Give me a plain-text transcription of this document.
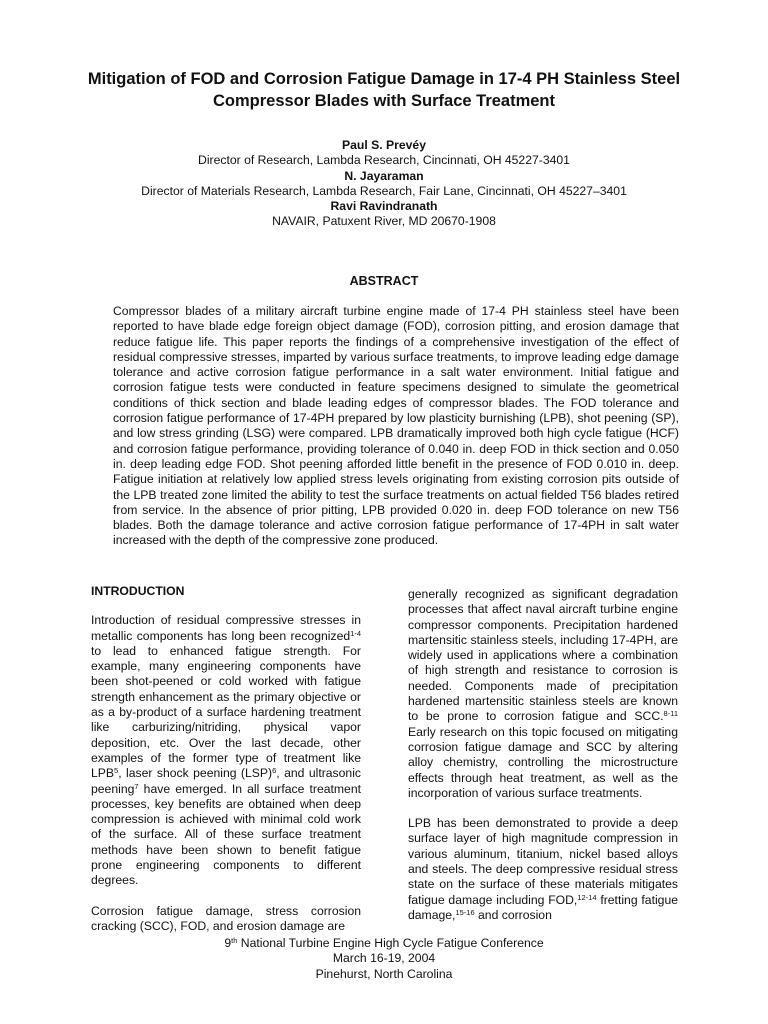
Mitigation of FOD and Corrosion Fatigue Damage in 17-4 PH Stainless Steel Compressor Blades with Surface Treatment
Paul S. Prevéy
Director of Research, Lambda Research, Cincinnati, OH 45227-3401
N. Jayaraman
Director of Materials Research, Lambda Research, Fair Lane, Cincinnati, OH 45227–3401
Ravi Ravindranath
NAVAIR, Patuxent River, MD 20670-1908
ABSTRACT

Compressor blades of a military aircraft turbine engine made of 17-4 PH stainless steel have been reported to have blade edge foreign object damage (FOD), corrosion pitting, and erosion damage that reduce fatigue life. This paper reports the findings of a comprehensive investigation of the effect of residual compressive stresses, imparted by various surface treatments, to improve leading edge damage tolerance and active corrosion fatigue performance in a salt water environment. Initial fatigue and corrosion fatigue tests were conducted in feature specimens designed to simulate the geometrical conditions of thick section and blade leading edges of compressor blades. The FOD tolerance and corrosion fatigue performance of 17-4PH prepared by low plasticity burnishing (LPB), shot peening (SP), and low stress grinding (LSG) were compared. LPB dramatically improved both high cycle fatigue (HCF) and corrosion fatigue performance, providing tolerance of 0.040 in. deep FOD in thick section and 0.050 in. deep leading edge FOD. Shot peening afforded little benefit in the presence of FOD 0.010 in. deep. Fatigue initiation at relatively low applied stress levels originating from existing corrosion pits outside of the LPB treated zone limited the ability to test the surface treatments on actual fielded T56 blades retired from service. In the absence of prior pitting, LPB provided 0.020 in. deep FOD tolerance on new T56 blades. Both the damage tolerance and active corrosion fatigue performance of 17-4PH in salt water increased with the depth of the compressive zone produced.

INTRODUCTION

Introduction of residual compressive stresses in metallic components has long been recognized$^{1-4}$ to lead to enhanced fatigue strength. For example, many engineering components have been shot-peened or cold worked with fatigue strength enhancement as the primary objective or as a by-product of a surface hardening treatment like carburizing/nitriding, physical vapor deposition, etc. Over the last decade, other examples of the former type of treatment like LPB$^5$, laser shock peening (LSP)$^6$, and ultrasonic peening$^7$ have emerged. In all surface treatment processes, key benefits are obtained when deep compression is achieved with minimal cold work of the surface. All of these surface treatment methods have been shown to benefit fatigue prone engineering components to different degrees.

Corrosion fatigue damage, stress corrosion cracking (SCC), FOD, and erosion damage are

generally recognized as significant degradation processes that affect naval aircraft turbine engine compressor components. Precipitation hardened martensitic stainless steels, including 17-4PH, are widely used in applications where a combination of high strength and resistance to corrosion is needed. Components made of precipitation hardened martensitic stainless steels are known to be prone to corrosion fatigue and SCC.$^{8-11}$ Early research on this topic focused on mitigating corrosion fatigue damage and SCC by altering alloy chemistry, controlling the microstructure effects through heat treatment, as well as the incorporation of various surface treatments.

LPB has been demonstrated to provide a deep surface layer of high magnitude compression in various aluminum, titanium, nickel based alloys and steels. The deep compressive residual stress state on the surface of these materials mitigates fatigue damage including FOD,$^{12-14}$ fretting fatigue damage,$^{15-16}$ and corrosion

9th National Turbine Engine High Cycle Fatigue Conference
March 16-19, 2004
Pinehurst, North Carolina
